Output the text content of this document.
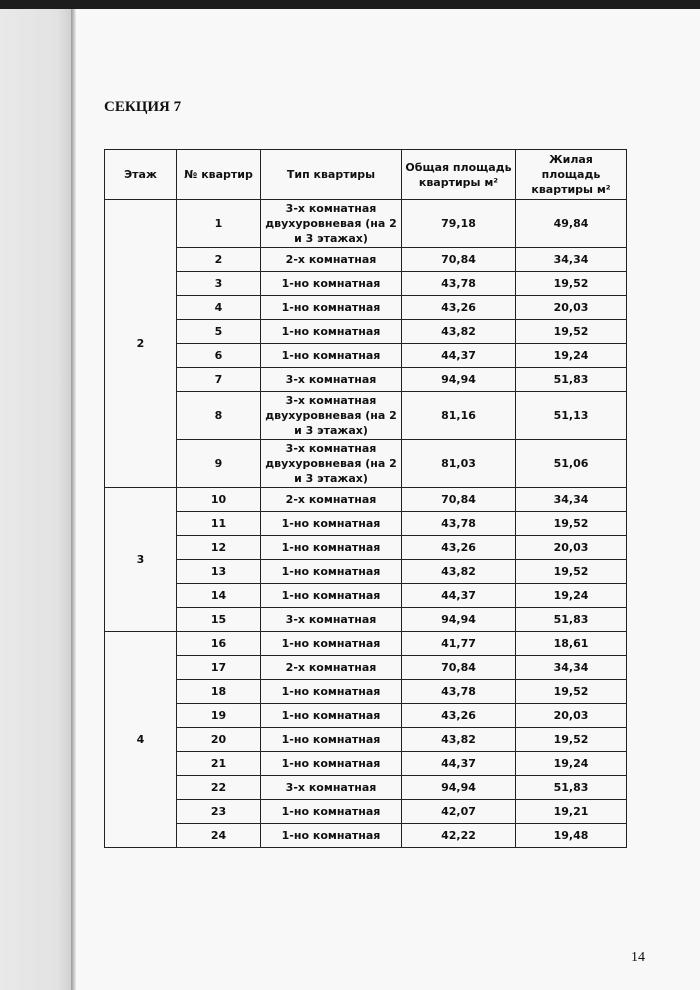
СЕКЦИЯ 7
Этаж	№ квартир	Тип квартиры	Общая площадь квартиры м²	Жилая площадь квартиры м²
2	1	3-х комнатная двухуровневая (на 2 и 3 этажах)	79,18	49,84
	2	2-х комнатная	70,84	34,34
	3	1-но комнатная	43,78	19,52
	4	1-но комнатная	43,26	20,03
	5	1-но комнатная	43,82	19,52
	6	1-но комнатная	44,37	19,24
	7	3-х комнатная	94,94	51,83
	8	3-х комнатная двухуровневая (на 2 и 3 этажах)	81,16	51,13
	9	3-х комнатная двухуровневая (на 2 и 3 этажах)	81,03	51,06
3	10	2-х комнатная	70,84	34,34
	11	1-но комнатная	43,78	19,52
	12	1-но комнатная	43,26	20,03
	13	1-но комнатная	43,82	19,52
	14	1-но комнатная	44,37	19,24
	15	3-х комнатная	94,94	51,83
4	16	1-но комнатная	41,77	18,61
	17	2-х комнатная	70,84	34,34
	18	1-но комнатная	43,78	19,52
	19	1-но комнатная	43,26	20,03
	20	1-но комнатная	43,82	19,52
	21	1-но комнатная	44,37	19,24
	22	3-х комнатная	94,94	51,83
	23	1-но комнатная	42,07	19,21
	24	1-но комнатная	42,22	19,48
14
